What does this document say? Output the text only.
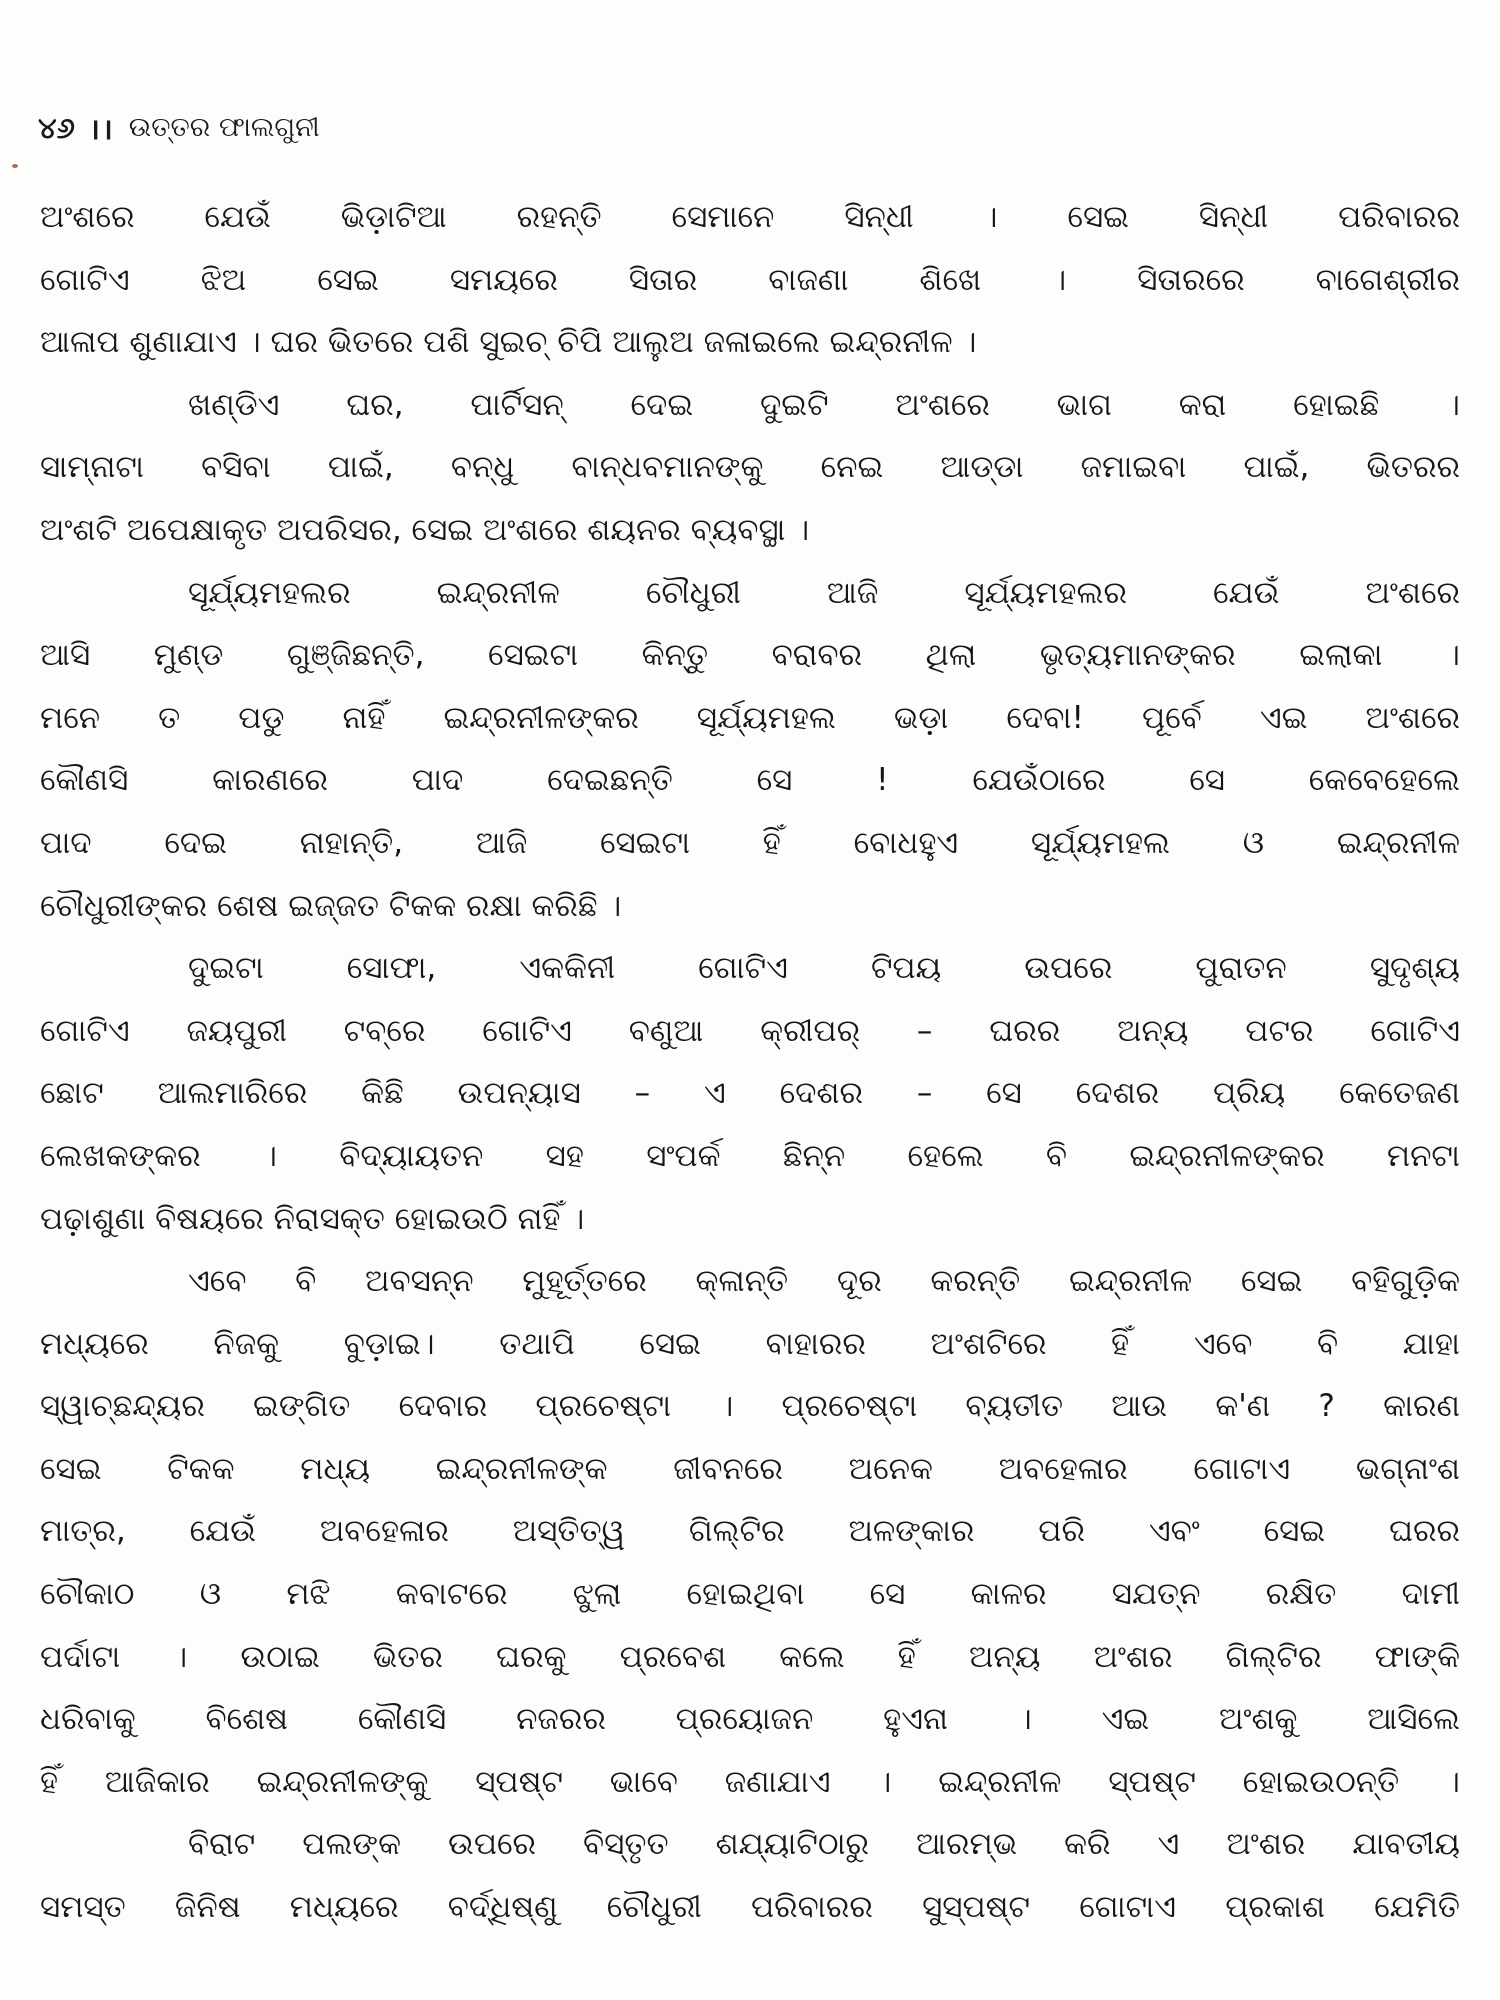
୪୬ ।। ଉତ୍ତର ଫାଲଗୁନୀ
ଅଂଶରେ ଯେଉଁ ଭିଡ଼ାଟିଆ ରହନ୍ତି ସେମାନେ ସିନ୍ଧୀ । ସେଇ ସିନ୍ଧୀ ପରିବାରର
ଗୋଟିଏ ଝିଅ ସେଇ ସମୟରେ ସିତାର ବାଜଣା ଶିଖେ । ସିତାରରେ ବାଗେଶ୍ରୀର
ଆଳାପ ଶୁଣାଯାଏ । ଘର ଭିତରେ ପଶି ସୁଇଚ୍ ଚିପି ଆଲୁଅ ଜଳାଇଲେ ଇନ୍ଦ୍ରନୀଳ ।
ଖଣ୍ଡିଏ ଘର, ପାର୍ଟିସନ୍ ଦେଇ ଦୁଇଟି ଅଂଶରେ ଭାଗ କରା ହୋଇଛି ।
ସାମ୍ନାଟା ବସିବା ପାଇଁ, ବନ୍ଧୁ ବାନ୍ଧବମାନଙ୍କୁ ନେଇ ଆଡ୍ଡା ଜମାଇବା ପାଇଁ, ଭିତରର
ଅଂଶଟି ଅପେକ୍ଷାକୃତ ଅପରିସର, ସେଇ ଅଂଶରେ ଶୟନର ବ୍ୟବସ୍ଥା ।
ସୂର୍ଯ୍ୟମହଲର ଇନ୍ଦ୍ରନୀଳ ଚୌଧୁରୀ ଆଜି ସୂର୍ଯ୍ୟମହଲର ଯେଉଁ ଅଂଶରେ
ଆସି ମୁଣ୍ଡ ଗୁଞ୍ଜିଛନ୍ତି, ସେଇଟା କିନ୍ତୁ ବରାବର ଥିଲା ଭୃତ୍ୟମାନଙ୍କର ଇଲାକା ।
ମନେ ତ ପଡୁ ନାହିଁ ଇନ୍ଦ୍ରନୀଳଙ୍କର ସୂର୍ଯ୍ୟମହଲ ଭଡ଼ା ଦେବା! ପୂର୍ବେ ଏଇ ଅଂଶରେ
କୌଣସି କାରଣରେ ପାଦ ଦେଇଛନ୍ତି ସେ ! ଯେଉଁଠାରେ ସେ କେବେହେଲେ
ପାଦ ଦେଇ ନାହାନ୍ତି, ଆଜି ସେଇଟା ହିଁ ବୋଧହୁଏ ସୂର୍ଯ୍ୟମହଲ ଓ ଇନ୍ଦ୍ରନୀଳ
ଚୌଧୁରୀଙ୍କର ଶେଷ ଇଜ୍ଜତ ଟିକକ ରକ୍ଷା କରିଛି ।
ଦୁଇଟା ସୋଫା, ଏକକିନୀ ଗୋଟିଏ ଟିପୟ ଉପରେ ପୁରାତନ ସୁଦୃଶ୍ୟ
ଗୋଟିଏ ଜୟପୁରୀ ଟବ୍‌ରେ ଗୋଟିଏ ବଣୁଆ କ୍ରୀପର୍ – ଘରର ଅନ୍ୟ ପଟର ଗୋଟିଏ
ଛୋଟ ଆଲମାରିରେ କିଛି ଉପନ୍ୟାସ – ଏ ଦେଶର – ସେ ଦେଶର ପ୍ରିୟ କେତେଜଣ
ଲେଖକଙ୍କର । ବିଦ୍ୟାୟତନ ସହ ସଂପର୍କ ଛିନ୍ନ ହେଲେ ବି ଇନ୍ଦ୍ରନୀଳଙ୍କର ମନଟା
ପଢ଼ାଶୁଣା ବିଷୟରେ ନିରାସକ୍ତ ହୋଇଉଠି ନାହିଁ ।
ଏବେ ବି ଅବସନ୍ନ ମୁହୂର୍ତ୍ତରେ କ୍ଳାନ୍ତି ଦୂର କରନ୍ତି ଇନ୍ଦ୍ରନୀଳ ସେଇ ବହିଗୁଡ଼ିକ
ମଧ୍ୟରେ ନିଜକୁ ବୁଡ଼ାଇ। ତଥାପି ସେଇ ବାହାରର ଅଂଶଟିରେ ହିଁ ଏବେ ବି ଯାହା
ସ୍ୱାଚ୍ଛନ୍ଦ୍ୟର ଇଙ୍ଗିତ ଦେବାର ପ୍ରଚେଷ୍ଟା । ପ୍ରଚେଷ୍ଟା ବ୍ୟତୀତ ଆଉ କ'ଣ ? କାରଣ
ସେଇ ଟିକକ ମଧ୍ୟ ଇନ୍ଦ୍ରନୀଳଙ୍କ ଜୀବନରେ ଅନେକ ଅବହେଳାର ଗୋଟାଏ ଭଗ୍ନାଂଶ
ମାତ୍ର, ଯେଉଁ ଅବହେଳାର ଅସ୍ତିତ୍ୱ ଗିଲ୍‌ଟିର ଅଳଙ୍କାର ପରି ଏବଂ ସେଇ ଘରର
ଚୌକାଠ ଓ ମଝି କବାଟରେ ଝୁଲା ହୋଇଥିବା ସେ କାଳର ସଯତ୍ନ ରକ୍ଷିତ ଦାମୀ
ପର୍ଦାଟା । ଉଠାଇ ଭିତର ଘରକୁ ପ୍ରବେଶ କଲେ ହିଁ ଅନ୍ୟ ଅଂଶର ଗିଲ୍‌ଟିର ଫାଙ୍କି
ଧରିବାକୁ ବିଶେଷ କୌଣସି ନଜରର ପ୍ରୟୋଜନ ହୁଏନା । ଏଇ ଅଂଶକୁ ଆସିଲେ
ହିଁ ଆଜିକାର ଇନ୍ଦ୍ରନୀଳଙ୍କୁ ସ୍ପଷ୍ଟ ଭାବେ ଜଣାଯାଏ । ଇନ୍ଦ୍ରନୀଳ ସ୍ପଷ୍ଟ ହୋଇଉଠନ୍ତି ।
ବିରାଟ ପଲଙ୍କ ଉପରେ ବିସ୍ତୃତ ଶଯ୍ୟାଟିଠାରୁ ଆରମ୍ଭ କରି ଏ ଅଂଶର ଯାବତୀୟ
ସମସ୍ତ ଜିନିଷ ମଧ୍ୟରେ ବର୍ଦ୍ଧିଷ୍ଣୁ ଚୌଧୁରୀ ପରିବାରର ସୁସ୍ପଷ୍ଟ ଗୋଟାଏ ପ୍ରକାଶ ଯେମିତି
